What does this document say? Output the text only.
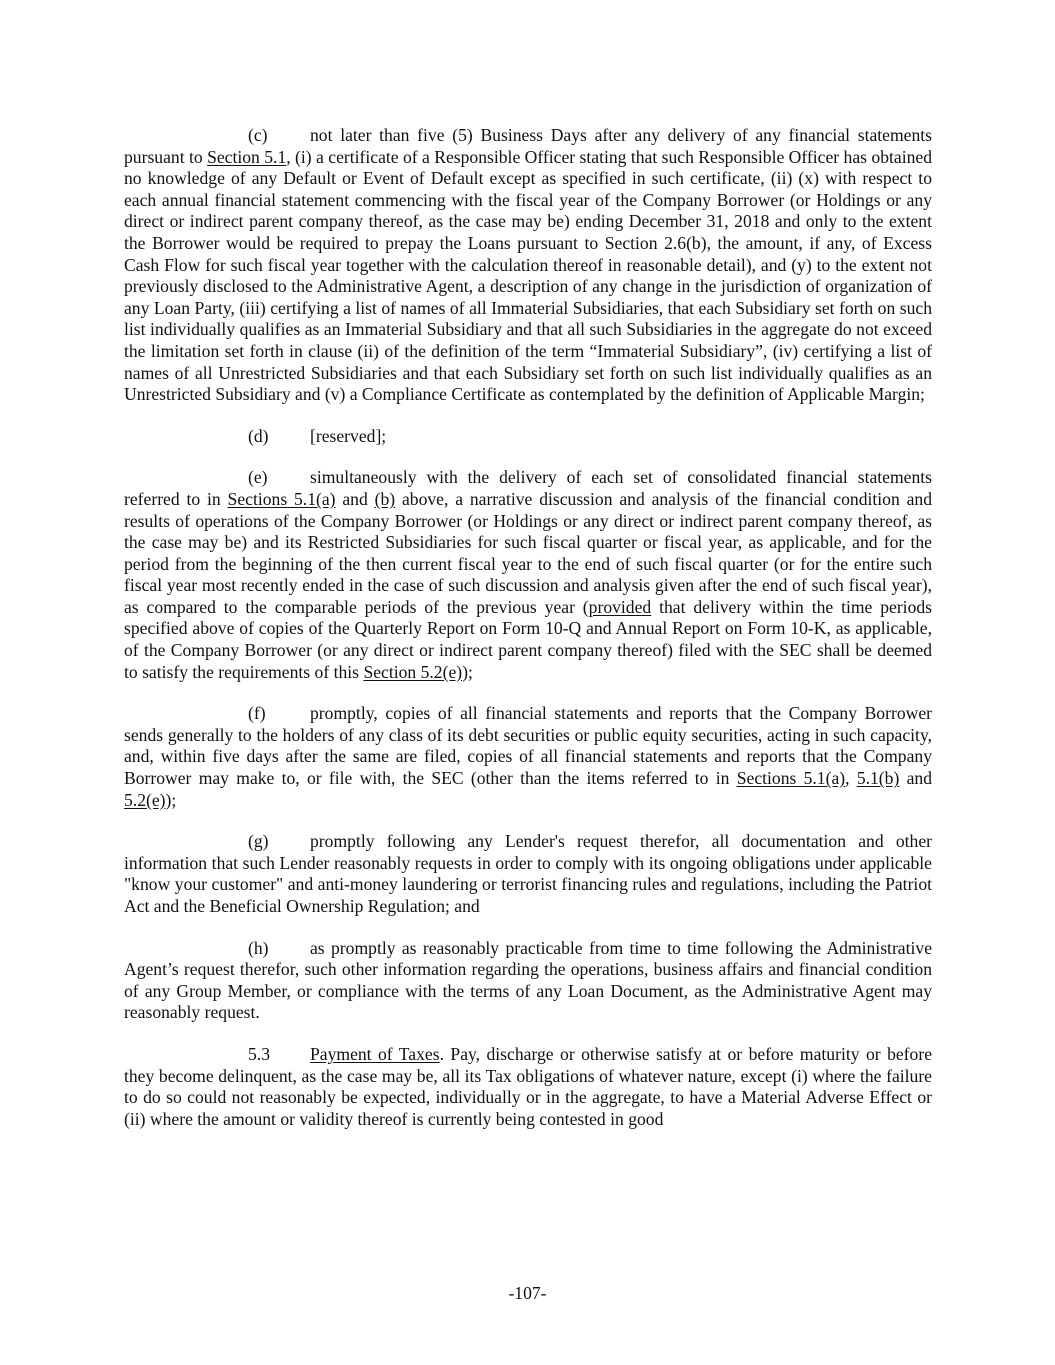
(c) not later than five (5) Business Days after any delivery of any financial statements pursuant to Section 5.1, (i) a certificate of a Responsible Officer stating that such Responsible Officer has obtained no knowledge of any Default or Event of Default except as specified in such certificate, (ii) (x) with respect to each annual financial statement commencing with the fiscal year of the Company Borrower (or Holdings or any direct or indirect parent company thereof, as the case may be) ending December 31, 2018 and only to the extent the Borrower would be required to prepay the Loans pursuant to Section 2.6(b), the amount, if any, of Excess Cash Flow for such fiscal year together with the calculation thereof in reasonable detail), and (y) to the extent not previously disclosed to the Administrative Agent, a description of any change in the jurisdiction of organization of any Loan Party, (iii) certifying a list of names of all Immaterial Subsidiaries, that each Subsidiary set forth on such list individually qualifies as an Immaterial Subsidiary and that all such Subsidiaries in the aggregate do not exceed the limitation set forth in clause (ii) of the definition of the term “Immaterial Subsidiary”, (iv) certifying a list of names of all Unrestricted Subsidiaries and that each Subsidiary set forth on such list individually qualifies as an Unrestricted Subsidiary and (v) a Compliance Certificate as contemplated by the definition of Applicable Margin;

(d) [reserved];

(e) simultaneously with the delivery of each set of consolidated financial statements referred to in Sections 5.1(a) and (b) above, a narrative discussion and analysis of the financial condition and results of operations of the Company Borrower (or Holdings or any direct or indirect parent company thereof, as the case may be) and its Restricted Subsidiaries for such fiscal quarter or fiscal year, as applicable, and for the period from the beginning of the then current fiscal year to the end of such fiscal quarter (or for the entire such fiscal year most recently ended in the case of such discussion and analysis given after the end of such fiscal year), as compared to the comparable periods of the previous year (provided that delivery within the time periods specified above of copies of the Quarterly Report on Form 10-Q and Annual Report on Form 10-K, as applicable, of the Company Borrower (or any direct or indirect parent company thereof) filed with the SEC shall be deemed to satisfy the requirements of this Section 5.2(e));

(f)	promptly, copies of all financial statements and reports that the Company Borrower sends generally to the holders of any class of its debt securities or public equity securities, acting in such capacity, and, within five days after the same are filed, copies of all financial statements and reports that the Company Borrower may make to, or file with, the SEC (other than the items referred to in Sections 5.1(a), 5.1(b) and 5.2(e));

(g) promptly following any Lender's request therefor, all documentation and other information that such Lender reasonably requests in order to comply with its ongoing obligations under applicable "know your customer" and anti-money laundering or terrorist financing rules and regulations, including the Patriot Act and the Beneficial Ownership Regulation; and

(h) as promptly as reasonably practicable from time to time following the Administrative Agent’s request therefor, such other information regarding the operations, business affairs and financial condition of any Group Member, or compliance with the terms of any Loan Document, as the Administrative Agent may reasonably request.

5.3 Payment of Taxes. Pay, discharge or otherwise satisfy at or before maturity or before they become delinquent, as the case may be, all its Tax obligations of whatever nature, except (i) where the failure to do so could not reasonably be expected, individually or in the aggregate, to have a Material Adverse Effect or (ii) where the amount or validity thereof is currently being contested in good

-107-
